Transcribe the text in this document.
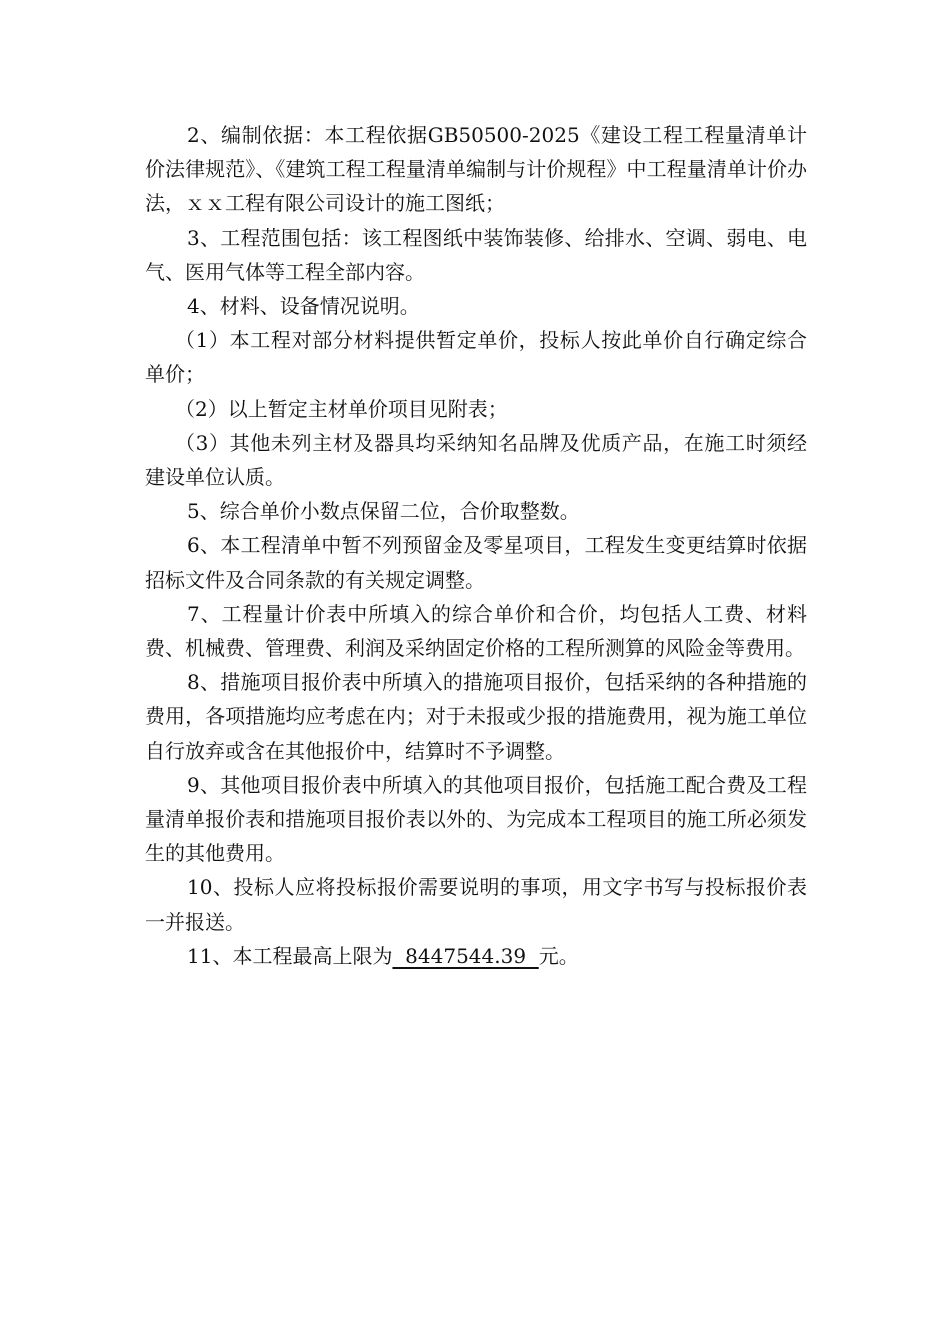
2、编制依据：本工程依据GB50500-2025《建设工程工程量清单计价法律规范》、《建筑工程工程量清单编制与计价规程》中工程量清单计价办法，ｘｘ工程有限公司设计的施工图纸；

3、工程范围包括：该工程图纸中装饰装修、给排水、空调、弱电、电气、医用气体等工程全部内容。

4、材料、设备情况说明。

（1）本工程对部分材料提供暂定单价，投标人按此单价自行确定综合单价；

（2）以上暂定主材单价项目见附表；

（3）其他未列主材及器具均采纳知名品牌及优质产品，在施工时须经建设单位认质。

5、综合单价小数点保留二位，合价取整数。

6、本工程清单中暂不列预留金及零星项目，工程发生变更结算时依据招标文件及合同条款的有关规定调整。

7、工程量计价表中所填入的综合单价和合价，均包括人工费、材料费、机械费、管理费、利润及采纳固定价格的工程所测算的风险金等费用。

8、措施项目报价表中所填入的措施项目报价，包括采纳的各种措施的费用，各项措施均应考虑在内；对于未报或少报的措施费用，视为施工单位自行放弃或含在其他报价中，结算时不予调整。

9、其他项目报价表中所填入的其他项目报价，包括施工配合费及工程量清单报价表和措施项目报价表以外的、为完成本工程项目的施工所必须发生的其他费用。

10、投标人应将投标报价需要说明的事项，用文字书写与投标报价表一并报送。

11、本工程最高上限为  8447544.39  元。
